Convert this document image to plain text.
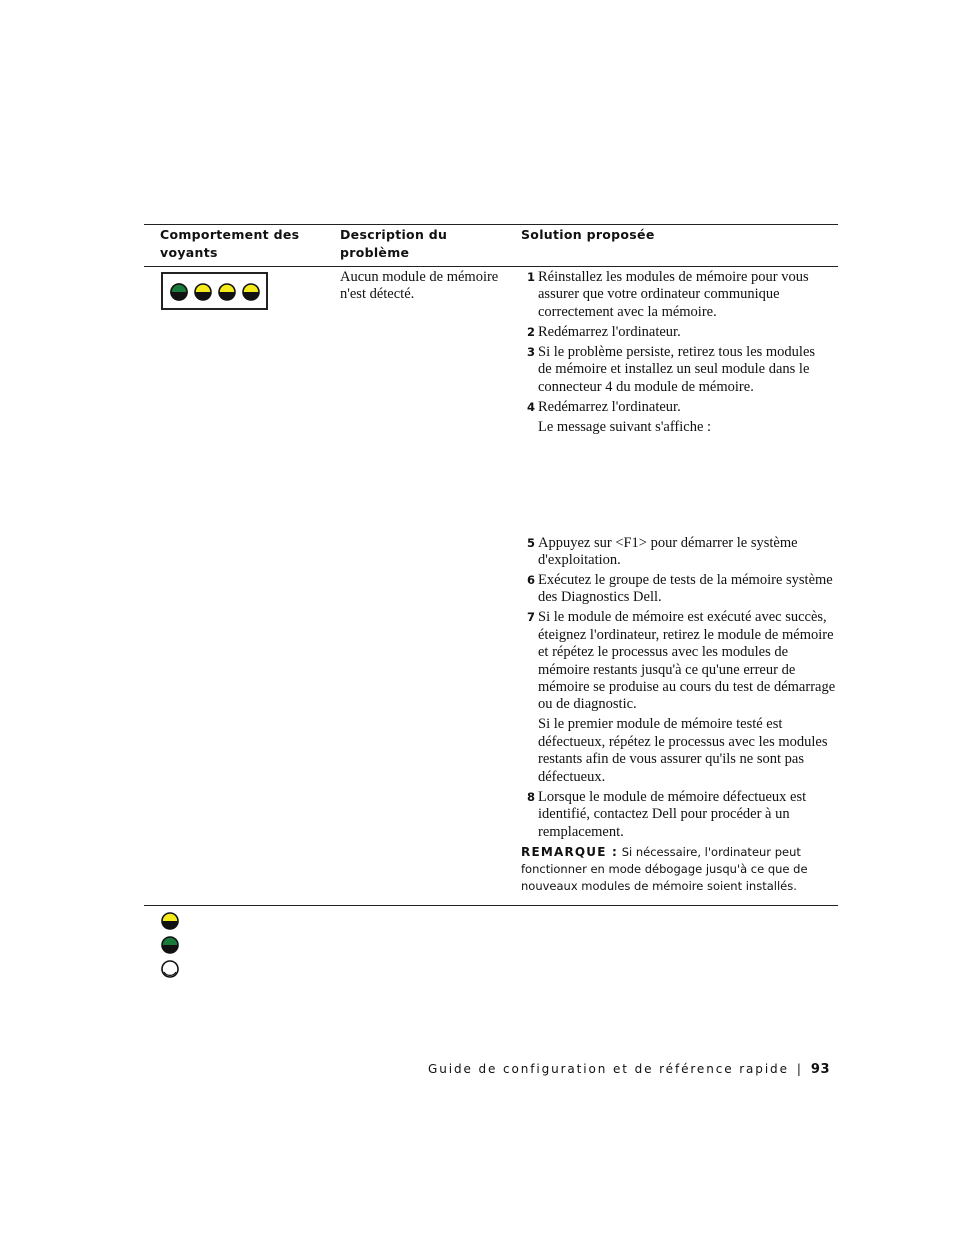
Comportement des
voyants
Description du
problème
Solution proposée
Aucun module de mémoire
n'est détecté.
1 Réinstallez les modules de mémoire pour vous
assurer que votre ordinateur communique
correctement avec la mémoire.
2 Redémarrez l'ordinateur.
3 Si le problème persiste, retirez tous les modules
de mémoire et installez un seul module dans le
connecteur 4 du module de mémoire.
4 Redémarrez l'ordinateur.
Le message suivant s'affiche :
5 Appuyez sur <F1> pour démarrer le système
d'exploitation.
6 Exécutez le groupe de tests de la mémoire système
des Diagnostics Dell.
7 Si le module de mémoire est exécuté avec succès,
éteignez l'ordinateur, retirez le module de mémoire
et répétez le processus avec les modules de
mémoire restants jusqu'à ce qu'une erreur de
mémoire se produise au cours du test de démarrage
ou de diagnostic.
Si le premier module de mémoire testé est
défectueux, répétez le processus avec les modules
restants afin de vous assurer qu'ils ne sont pas
défectueux.
8 Lorsque le module de mémoire défectueux est
identifié, contactez Dell pour procéder à un
remplacement.
REMARQUE : Si nécessaire, l'ordinateur peut
fonctionner en mode débogage jusqu'à ce que de
nouveaux modules de mémoire soient installés.
Guide de configuration et de référence rapide | 93
